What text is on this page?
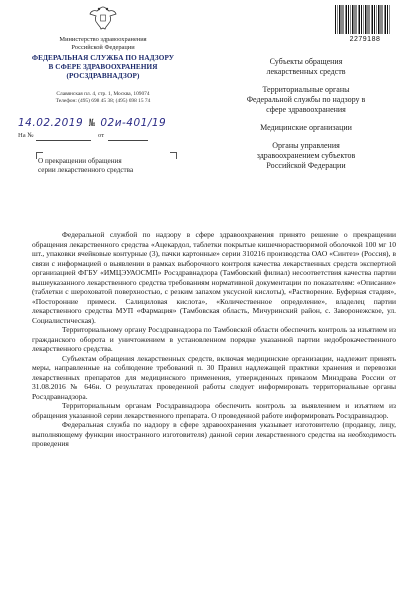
Министерство здравоохранения
Российской Федерации
ФЕДЕРАЛЬНАЯ СЛУЖБА ПО НАДЗОРУ
В СФЕРЕ ЗДРАВООХРАНЕНИЯ
(РОСЗДРАВНАДЗОР)
Славянская пл. 4, стр. 1, Москва, 109074
Телефон: (495) 698 45 38; (495) 698 15 74
14.02.2019 № 02и-401/19
На №	от
О прекращении обращения
серии лекарственного средства
2279188
Субъекты обращения
лекарственных средств
Территориальные органы
Федеральной службы по надзору в
сфере здравоохранения
Медицинские организации
Органы управления
здравоохранением субъектов
Российской Федерации

Федеральной службой по надзору в сфере здравоохранения принято решение о прекращении обращения лекарственного средства «Ацекардол, таблетки покрытые кишечнорастворимой оболочкой 100 мг 10 шт., упаковки ячейковые контурные (3), пачки картонные» серии 310216 производства ОАО «Синтез» (Россия), в связи с информацией о выявлении в рамках выборочного контроля качества лекарственных средств экспертной организацией ФГБУ «ИМЦЭУАОСМП» Росздравнадзора (Тамбовский филиал) несоответствия качества партии вышеуказанного лекарственного средства требованиям нормативной документации по показателям: «Описание» (таблетки с шероховатой поверхностью, с резким запахом уксусной кислоты), «Растворение. Буферная стадия», «Посторонние примеси. Салициловая кислота», «Количественное определение», владелец партии лекарственного средства МУП «Фармация» (Тамбовская область, Мичуринский район, с. Заворонежское, ул. Социалистическая).

Территориальному органу Росздравнадзора по Тамбовской области обеспечить контроль за изъятием из гражданского оборота и уничтожением в установленном порядке указанной партии недоброкачественного лекарственного средства.

Субъектам обращения лекарственных средств, включая медицинские организации, надлежит принять меры, направленные на соблюдение требований п. 30 Правил надлежащей практики хранения и перевозки лекарственных препаратов для медицинского применения, утвержденных приказом Минздрава России от 31.08.2016 № 646н. О результатах проведенной работы следует информировать территориальные органы Росздравнадзора.

Территориальным органам Росздравнадзора обеспечить контроль за выявлением и изъятием из обращения указанной серии лекарственного препарата. О проведенной работе информировать Росздравнадзор.

Федеральная служба по надзору в сфере здравоохранения указывает изготовителю (продавцу, лицу, выполняющему функции иностранного изготовителя) данной серии лекарственного средства на необходимость проведения
